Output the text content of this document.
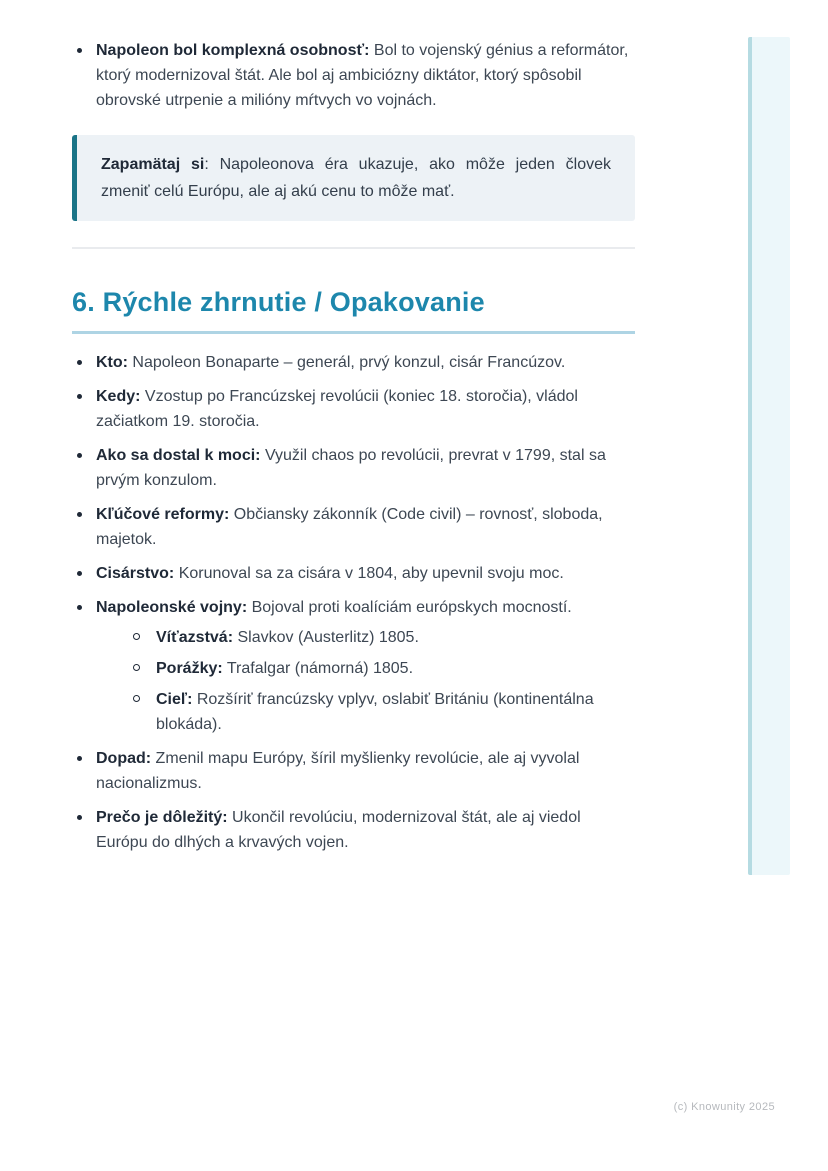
Napoleon bol komplexná osobnosť: Bol to vojenský génius a reformátor, ktorý modernizoval štát. Ale bol aj ambiciózny diktátor, ktorý spôsobil obrovské utrpenie a milióny mŕtvych vo vojnách.

Zapamätaj si: Napoleonova éra ukazuje, ako môže jeden človek zmeniť celú Európu, ale aj akú cenu to môže mať.

6. Rýchle zhrnutie / Opakovanie
Kto: Napoleon Bonaparte – generál, prvý konzul, cisár Francúzov.
Kedy: Vzostup po Francúzskej revolúcii (koniec 18. storočia), vládol začiatkom 19. storočia.
Ako sa dostal k moci: Využil chaos po revolúcii, prevrat v 1799, stal sa prvým konzulom.
Kľúčové reformy: Občiansky zákonník (Code civil) – rovnosť, sloboda, majetok.
Cisárstvo: Korunoval sa za cisára v 1804, aby upevnil svoju moc.
Napoleonské vojny: Bojoval proti koalíciám európskych mocností.
Víťazstvá: Slavkov (Austerlitz) 1805.
Porážky: Trafalgar (námorná) 1805.
Cieľ: Rozšíriť francúzsky vplyv, oslabiť Britániu (kontinentálna blokáda).
Dopad: Zmenil mapu Európy, šíril myšlienky revolúcie, ale aj vyvolal nacionalizmus.
Prečo je dôležitý: Ukončil revolúciu, modernizoval štát, ale aj viedol Európu do dlhých a krvavých vojen.
(c) Knowunity 2025
